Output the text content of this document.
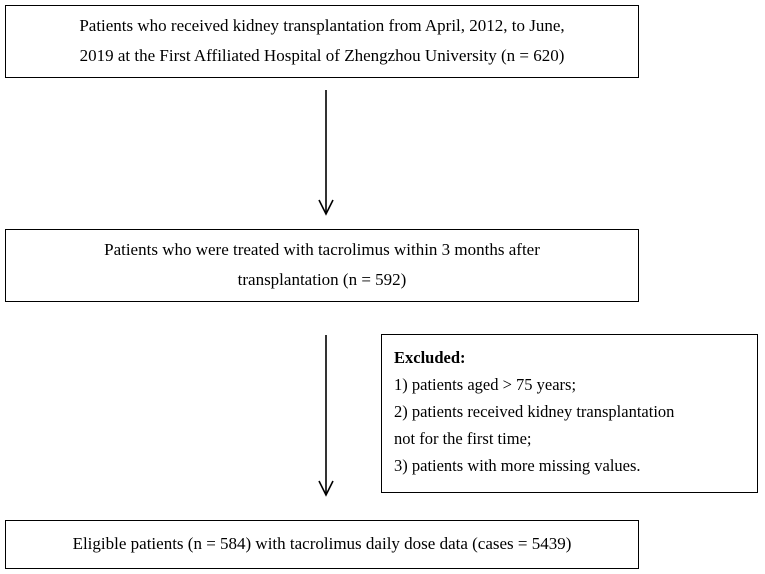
Patients who received kidney transplantation from April, 2012, to June,
2019 at the First Affiliated Hospital of Zhengzhou University (n = 620)
Patients who were treated with tacrolimus within 3 months after
transplantation (n = 592)
Excluded:
1) patients aged > 75 years;
2) patients received kidney transplantation
not for the first time;
3) patients with more missing values.
Eligible patients (n = 584) with tacrolimus daily dose data (cases = 5439)
